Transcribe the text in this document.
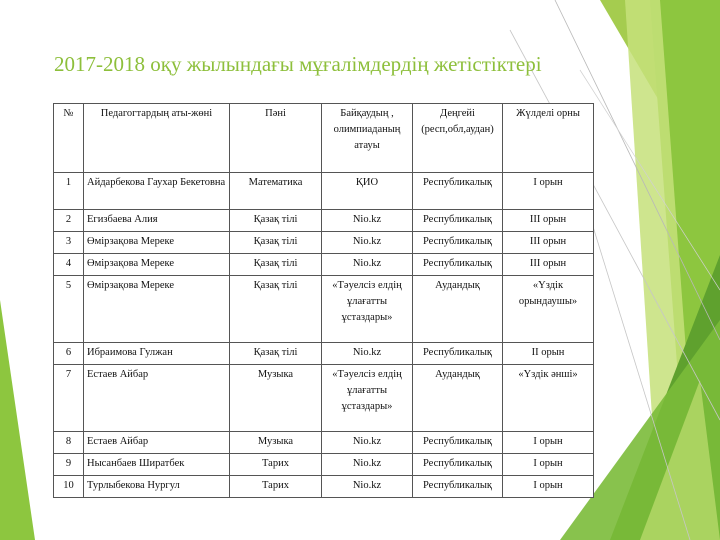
2017-2018 оқу жылындағы мұғалімдердің жетістіктері
№	Педагогтардың аты-жөні	Пәні	Байқаудың , олимпиаданың атауы	Деңгейі (респ,обл,аудан)	Жүлделі орны
1	Айдарбекова Гаухар Бекетовна	Математика	ҚИО	Республикалық	I орын
2	Егизбаева Алия	Қазақ тілі	Nio.kz	Республикалық	III орын
3	Өмірзақова Мереке	Қазақ тілі	Nio.kz	Республикалық	III орын
4	Өмірзақова Мереке	Қазақ тілі	Nio.kz	Республикалық	III орын
5	Өмірзақова Мереке	Қазақ тілі	«Тәуелсіз елдің ұлағатты ұстаздары»	Аудандық	«Үздік орындаушы»
6	Ибраимова Гулжан	Қазақ тілі	Nio.kz	Республикалық	II орын
7	Естаев Айбар	Музыка	«Тәуелсіз елдің ұлағатты ұстаздары»	Аудандық	«Үздік әнші»
8	Естаев Айбар	Музыка	Nio.kz	Республикалық	I орын
9	Нысанбаев Ширатбек	Тарих	Nio.kz	Республикалық	I орын
10	Турлыбекова Нургул	Тарих	Nio.kz	Республикалық	I орын
